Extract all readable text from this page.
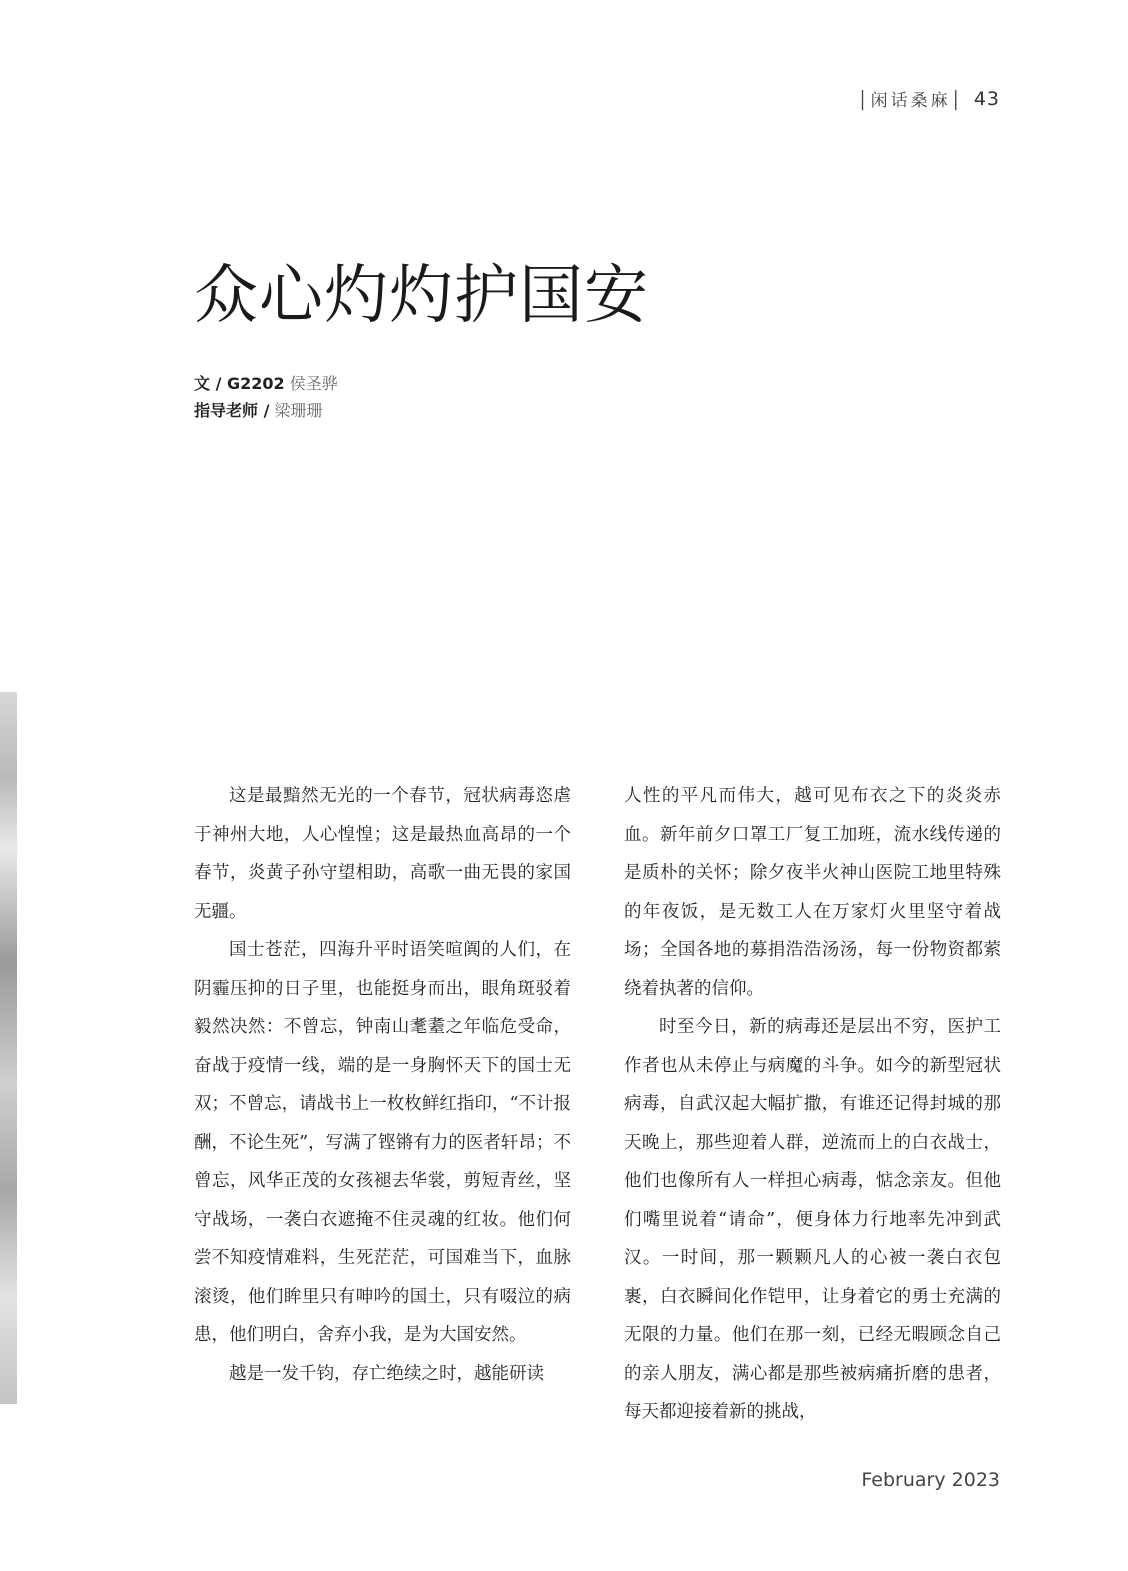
│闲话桑麻│ 43
众心灼灼护国安
文 / G2202 侯圣骅
指导老师 / 梁珊珊

这是最黯然无光的一个春节，冠状病毒恣虐于神州大地，人心惶惶；这是最热血高昂的一个春节，炎黄子孙守望相助，高歌一曲无畏的家国无疆。

国士苍茫，四海升平时语笑喧阗的人们，在阴霾压抑的日子里，也能挺身而出，眼角斑驳着毅然决然：不曾忘，钟南山耄耋之年临危受命，奋战于疫情一线，端的是一身胸怀天下的国士无双；不曾忘，请战书上一枚枚鲜红指印，“不计报酬，不论生死”，写满了铿锵有力的医者轩昂；不曾忘，风华正茂的女孩褪去华裳，剪短青丝，坚守战场，一袭白衣遮掩不住灵魂的红妆。他们何尝不知疫情难料，生死茫茫，可国难当下，血脉滚烫，他们眸里只有呻吟的国土，只有啜泣的病患，他们明白，舍弃小我，是为大国安然。

越是一发千钧，存亡绝续之时，越能研读

人性的平凡而伟大，越可见布衣之下的炎炎赤血。新年前夕口罩工厂复工加班，流水线传递的是质朴的关怀；除夕夜半火神山医院工地里特殊的年夜饭，是无数工人在万家灯火里坚守着战场；全国各地的募捐浩浩汤汤，每一份物资都萦绕着执著的信仰。

时至今日，新的病毒还是层出不穷，医护工作者也从未停止与病魔的斗争。如今的新型冠状病毒，自武汉起大幅扩撒，有谁还记得封城的那天晚上，那些迎着人群，逆流而上的白衣战士，他们也像所有人一样担心病毒，惦念亲友。但他们嘴里说着“请命”，便身体力行地率先冲到武汉。一时间，那一颗颗凡人的心被一袭白衣包裹，白衣瞬间化作铠甲，让身着它的勇士充满的无限的力量。他们在那一刻，已经无暇顾念自己的亲人朋友，满心都是那些被病痛折磨的患者，每天都迎接着新的挑战，

February 2023
